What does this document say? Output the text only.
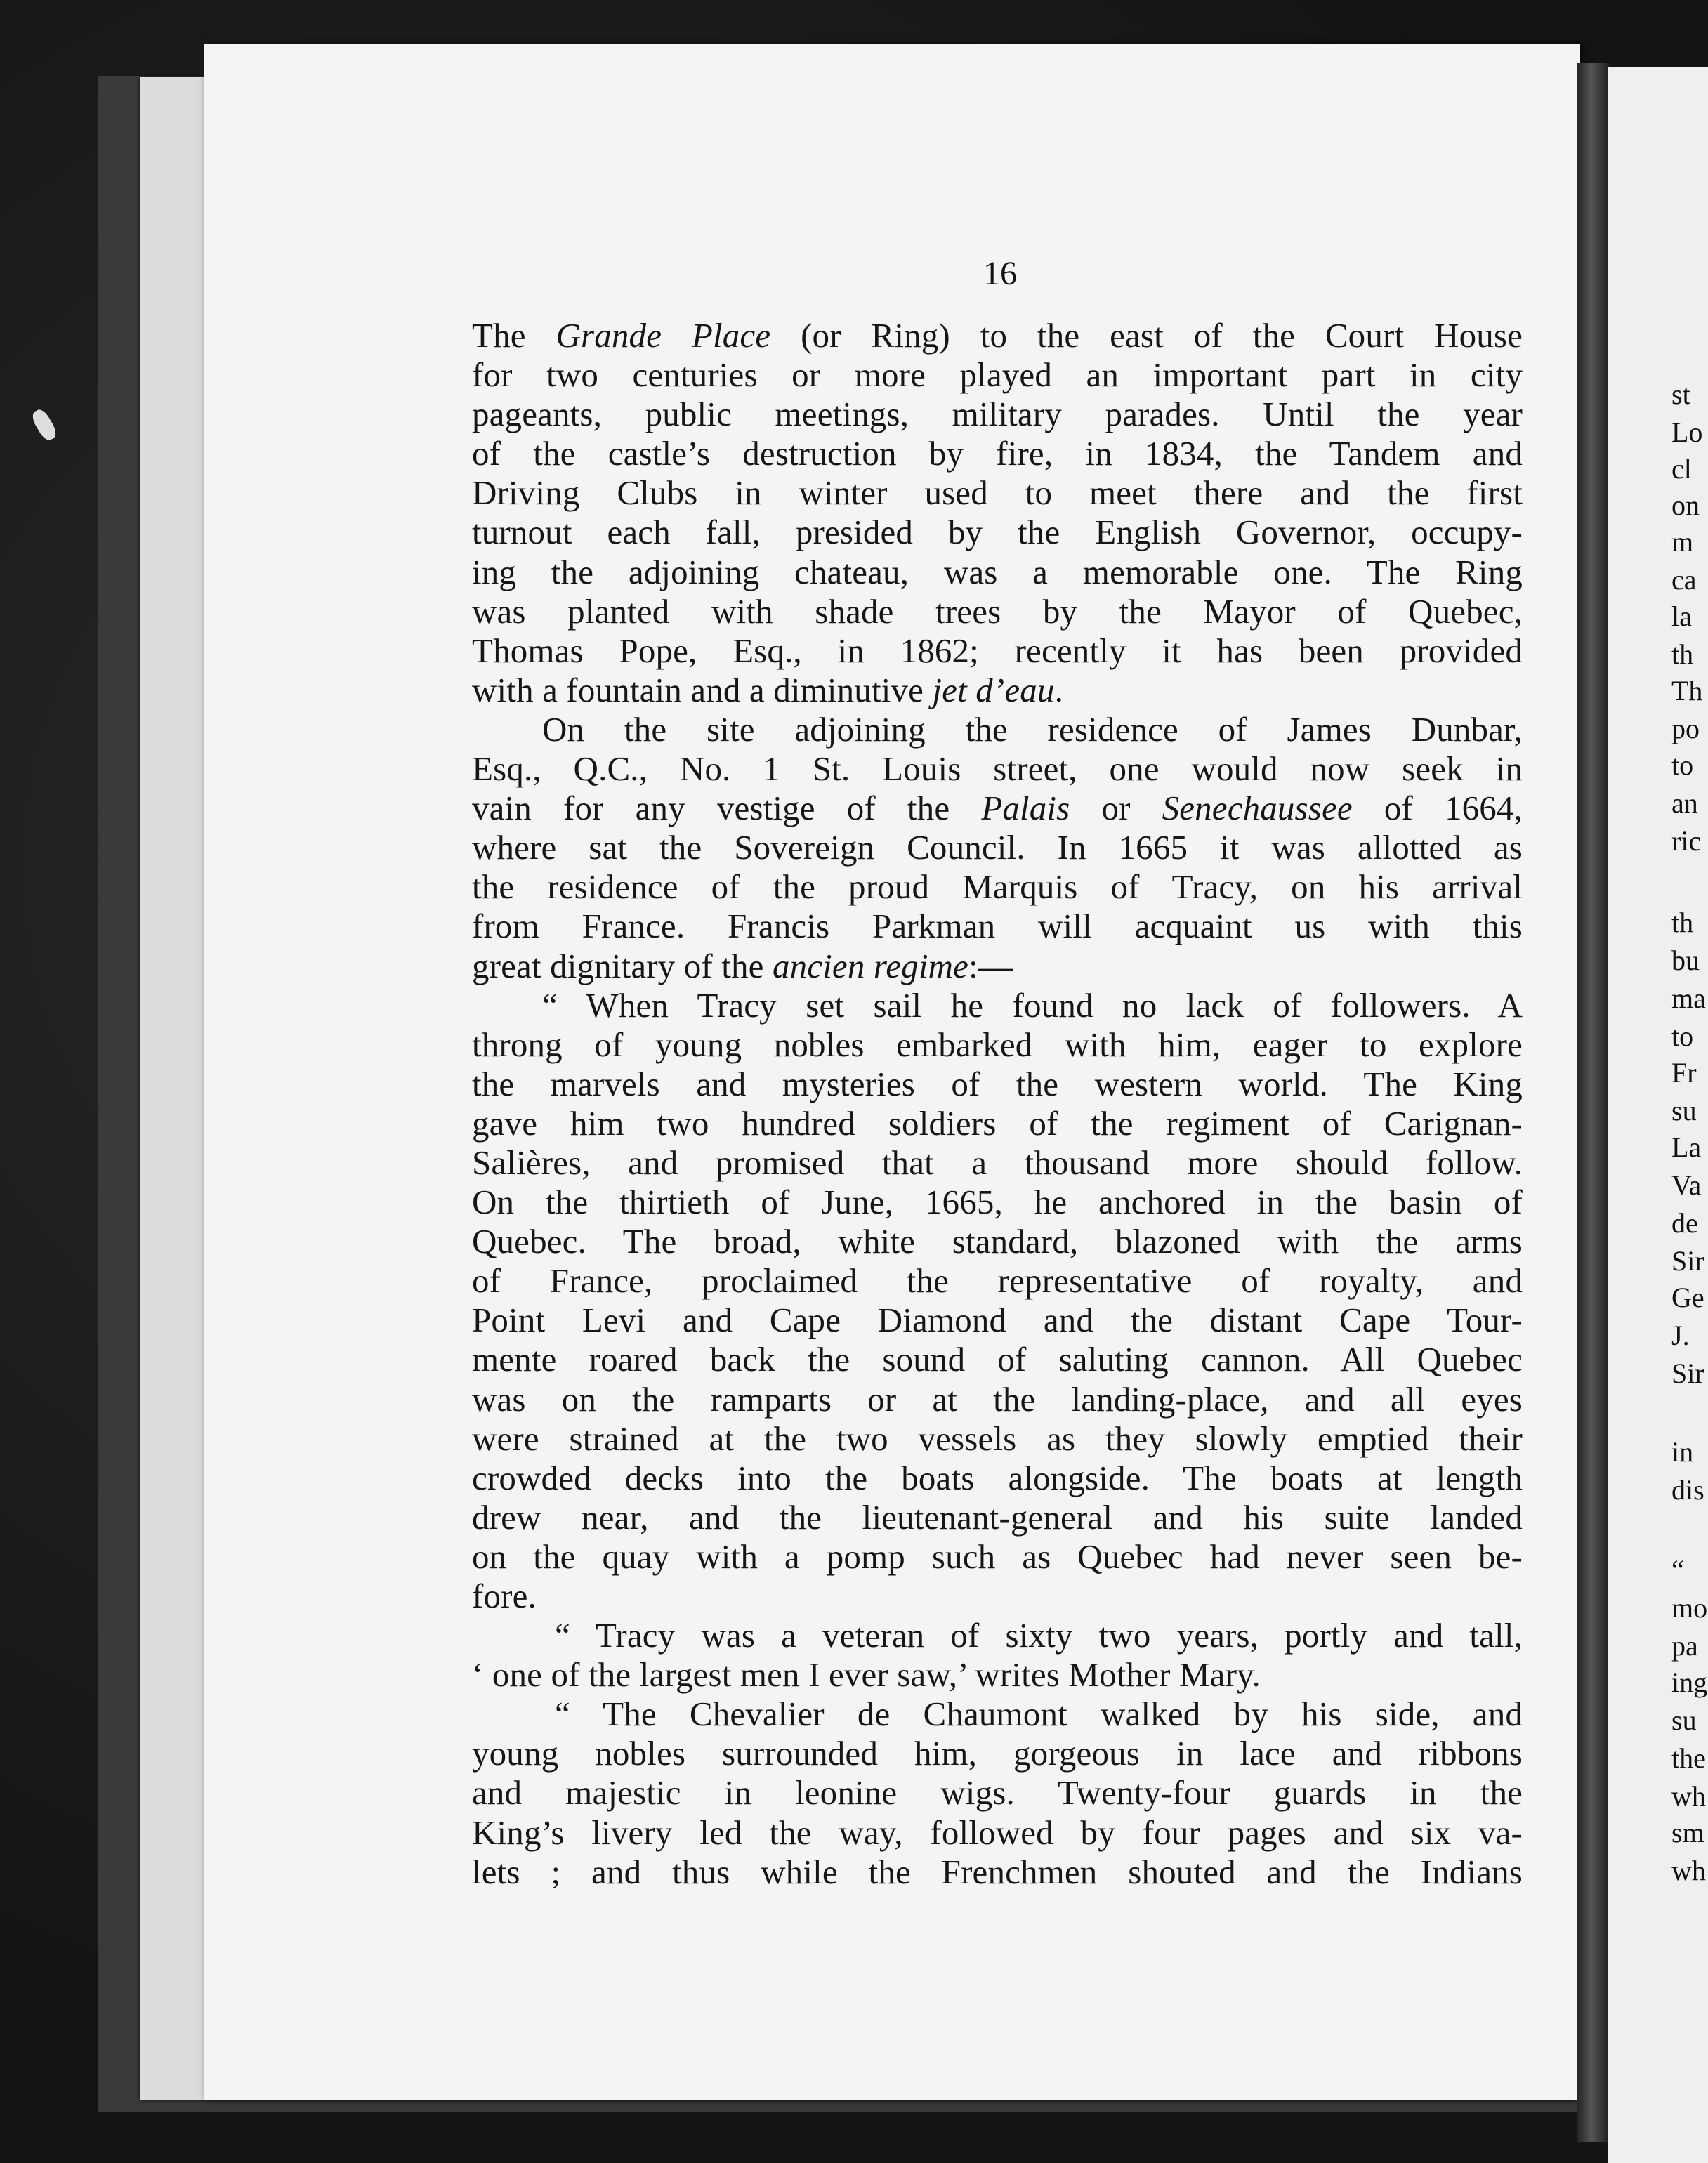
16
The Grande Place (or Ring) to the east of the Court House
for two centuries or more played an important part in city
pageants, public meetings, military parades. Until the year
of the castle’s destruction by fire, in 1834, the Tandem and
Driving Clubs in winter used to meet there and the first
turnout each fall, presided by the English Governor, occupy-
ing the adjoining chateau, was a memorable one. The Ring
was planted with shade trees by the Mayor of Quebec,
Thomas Pope, Esq., in 1862; recently it has been provided
with a fountain and a diminutive jet d’eau.
On the site adjoining the residence of James Dunbar,
Esq., Q.C., No. 1 St. Louis street, one would now seek in
vain for any vestige of the Palais or Senechaussee of 1664,
where sat the Sovereign Council. In 1665 it was allotted as
the residence of the proud Marquis of Tracy, on his arrival
from France. Francis Parkman will acquaint us with this
great dignitary of the ancien regime:—
“ When Tracy set sail he found no lack of followers. A
throng of young nobles embarked with him, eager to explore
the marvels and mysteries of the western world. The King
gave him two hundred soldiers of the regiment of Carignan-
Salières, and promised that a thousand more should follow.
On the thirtieth of June, 1665, he anchored in the basin of
Quebec. The broad, white standard, blazoned with the arms
of France, proclaimed the representative of royalty, and
Point Levi and Cape Diamond and the distant Cape Tour-
mente roared back the sound of saluting cannon. All Quebec
was on the ramparts or at the landing-place, and all eyes
were strained at the two vessels as they slowly emptied their
crowded decks into the boats alongside. The boats at length
drew near, and the lieutenant-general and his suite landed
on the quay with a pomp such as Quebec had never seen be-
fore.
“ Tracy was a veteran of sixty two years, portly and tall,
‘ one of the largest men I ever saw,’ writes Mother Mary.
“ The Chevalier de Chaumont walked by his side, and
young nobles surrounded him, gorgeous in lace and ribbons
and majestic in leonine wigs. Twenty-four guards in the
King’s livery led the way, followed by four pages and six va-
lets ; and thus while the Frenchmen shouted and the Indians
st
Lo
cl
on
m
ca
la
th
Th
po
to
an
ric
th
bu
ma
to
Fr
su
La
Va
de
Sir
Ge
J.
Sir
in
dis
“
mo
pa
ing
su
the
wh
sm
wh
